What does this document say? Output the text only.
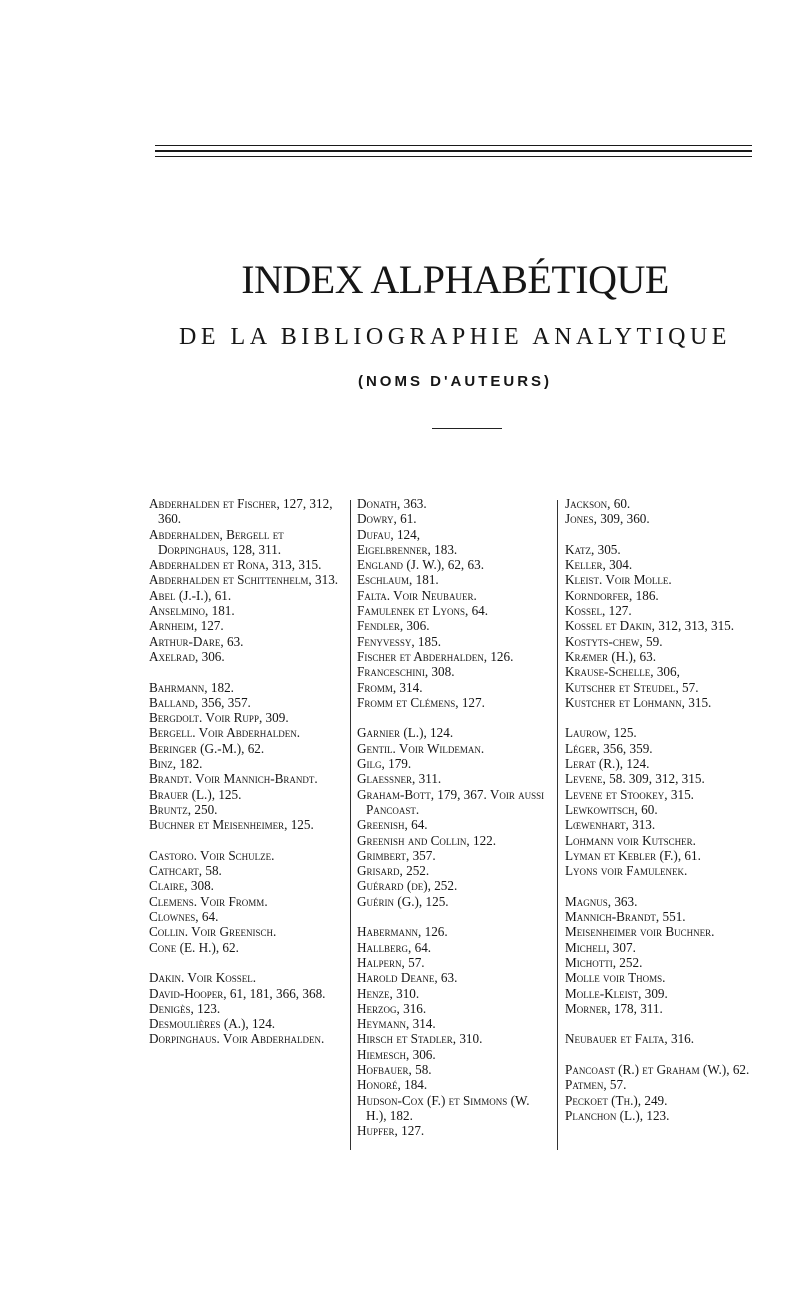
INDEX ALPHABÉTIQUE
DE LA BIBLIOGRAPHIE ANALYTIQUE

(NOMS D'AUTEURS)

Abderhalden et Fischer, 127, 312, 360.
Abderhalden, Bergell et Dorpinghaus, 128, 311.
Abderhalden et Rona, 313, 315.
Abderhalden et Schittenhelm, 313.
Abel (J.-I.), 61.
Anselmino, 181.
Arnheim, 127.
Arthur-Dare, 63.
Axelrad, 306.
Bahrmann, 182.
Balland, 356, 357.
Bergdolt. Voir Rupp, 309.
Bergell. Voir Abderhalden.
Beringer (G.-M.), 62.
Binz, 182.
Brandt. Voir Mannich-Brandt.
Brauer (L.), 125.
Bruntz, 250.
Buchner et Meisenheimer, 125.
Castoro. Voir Schulze.
Cathcart, 58.
Claire, 308.
Clemens. Voir Fromm.
Clownes, 64.
Collin. Voir Greenisch.
Cone (E. H.), 62.
Dakin. Voir Kossel.
David-Hooper, 61, 181, 366, 368.
Denigès, 123.
Desmoulières (A.), 124.
Dorpinghaus. Voir Abderhalden.
Donath, 363.
Dowry, 61.
Dufau, 124,
Eigelbrenner, 183.
England (J. W.), 62, 63.
Eschlaum, 181.
Falta. Voir Neubauer.
Famulenek et Lyons, 64.
Fendler, 306.
Fenyvessy, 185.
Fischer et Abderhalden, 126.
Franceschini, 308.
Fromm, 314.
Fromm et Clémens, 127.
Garnier (L.), 124.
Gentil. Voir Wildeman.
Gilg, 179.
Glaessner, 311.
Graham-Bott, 179, 367. Voir aussi Pancoast.
Greenish, 64.
Greenish and Collin, 122.
Grimbert, 357.
Grisard, 252.
Guérard (de), 252.
Guérin (G.), 125.
Habermann, 126.
Hallberg, 64.
Halpern, 57.
Harold Deane, 63.
Henze, 310.
Herzog, 316.
Heymann, 314.
Hirsch et Stadler, 310.
Hiemesch, 306.
Hofbauer, 58.
Honoré, 184.
Hudson-Cox (F.) et Simmons (W. H.), 182.
Hupfer, 127.
Jackson, 60.
Jones, 309, 360.
Katz, 305.
Keller, 304.
Kleist. Voir Molle.
Korndorfer, 186.
Kossel, 127.
Kossel et Dakin, 312, 313, 315.
Kostyts-chew, 59.
Kræmer (H.), 63.
Krause-Schelle, 306,
Kutscher et Steudel, 57.
Kustcher et Lohmann, 315.
Laurow, 125.
Léger, 356, 359.
Lerat (R.), 124.
Levene, 58. 309, 312, 315.
Levene et Stookey, 315.
Lewkowitsch, 60.
Lœwenhart, 313.
Lohmann voir Kutscher.
Lyman et Kebler (F.), 61.
Lyons voir Famulenek.
Magnus, 363.
Mannich-Brandt, 551.
Meisenheimer voir Buchner.
Micheli, 307.
Michotti, 252.
Molle voir Thoms.
Molle-Kleist, 309.
Morner, 178, 311.
Neubauer et Falta, 316.
Pancoast (R.) et Graham (W.), 62.
Patmen, 57.
Peckoet (Th.), 249.
Planchon (L.), 123.
